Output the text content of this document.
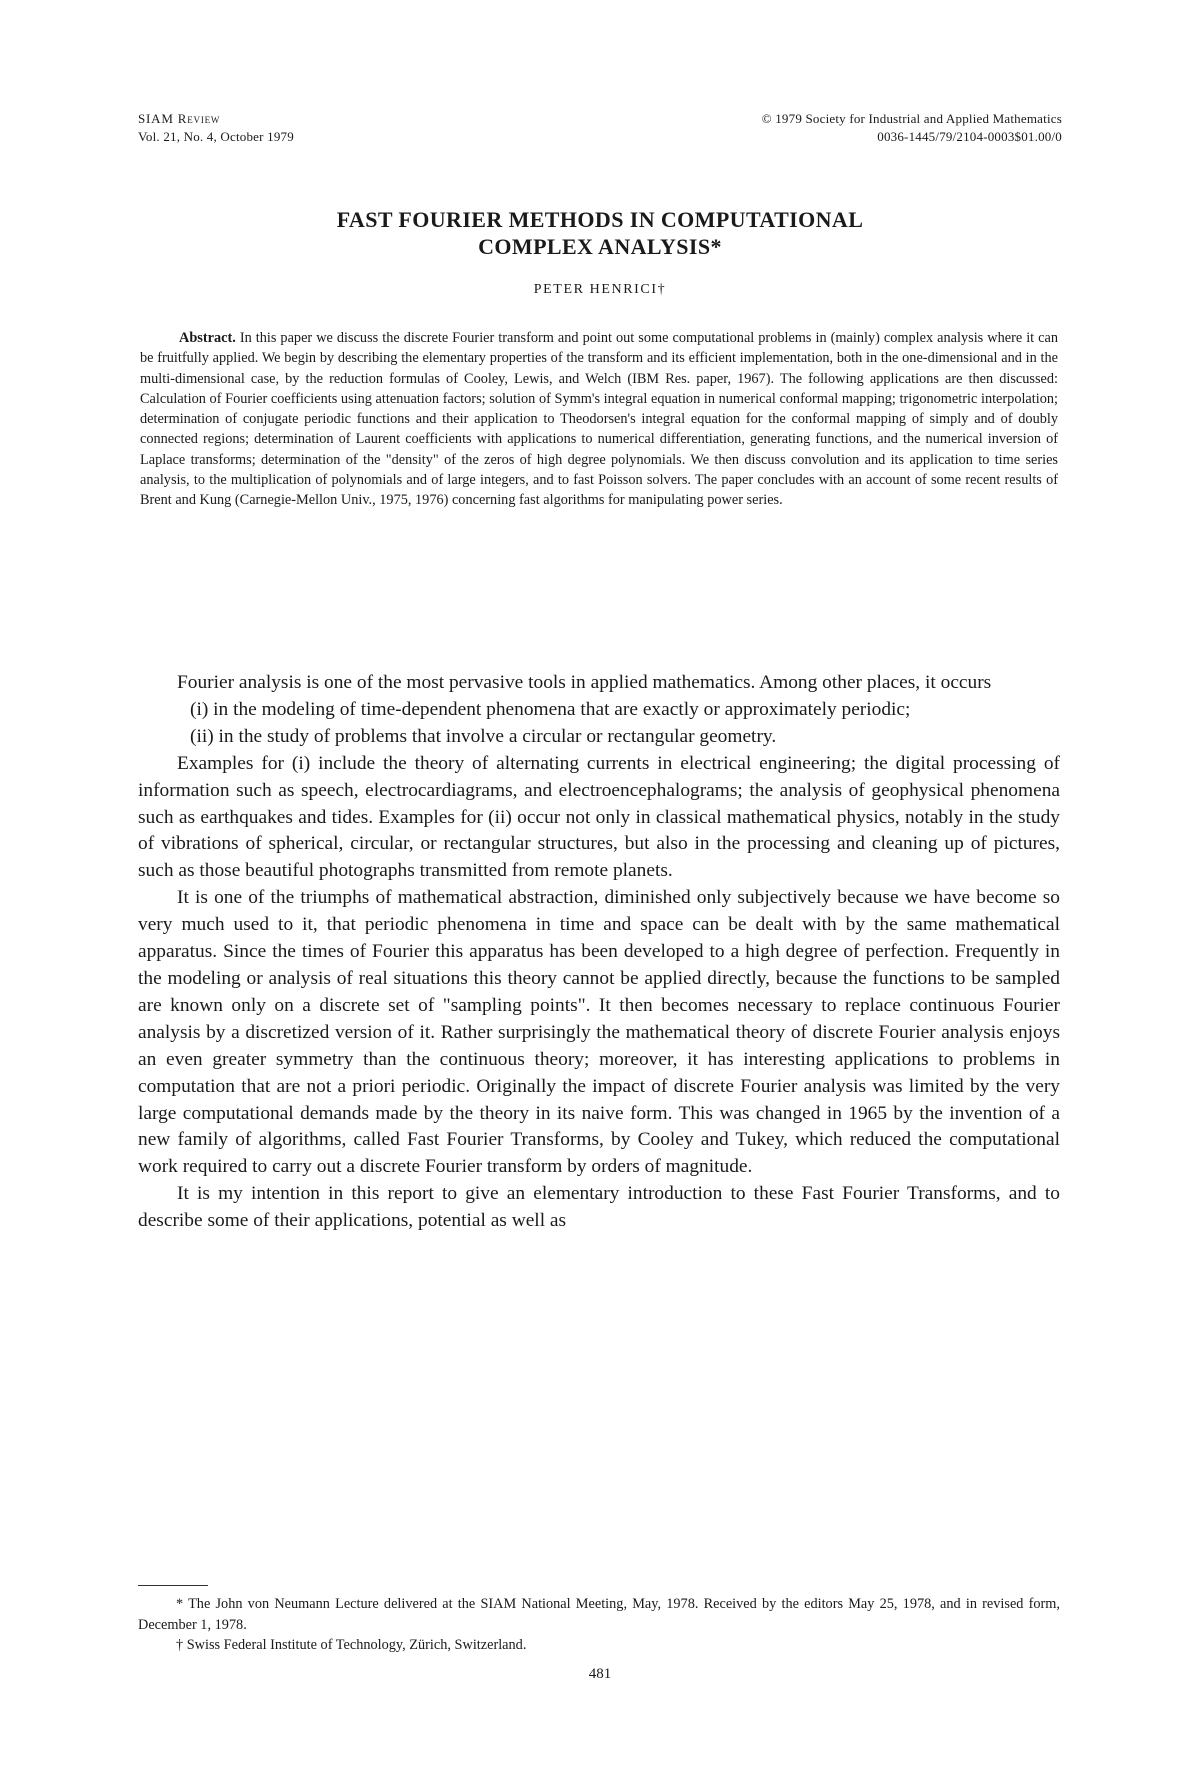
SIAM Review
Vol. 21, No. 4, October 1979
© 1979 Society for Industrial and Applied Mathematics
0036-1445/79/2104-0003$01.00/0
FAST FOURIER METHODS IN COMPUTATIONAL
COMPLEX ANALYSIS*
PETER HENRICI†
Abstract. In this paper we discuss the discrete Fourier transform and point out some computational problems in (mainly) complex analysis where it can be fruitfully applied. We begin by describing the elementary properties of the transform and its efficient implementation, both in the one-dimensional and in the multi-dimensional case, by the reduction formulas of Cooley, Lewis, and Welch (IBM Res. paper, 1967). The following applications are then discussed: Calculation of Fourier coefficients using attenuation factors; solution of Symm's integral equation in numerical conformal mapping; trigonometric interpolation; determination of conjugate periodic functions and their application to Theodorsen's integral equation for the conformal mapping of simply and of doubly connected regions; determination of Laurent coefficients with applications to numerical differentiation, generating functions, and the numerical inversion of Laplace transforms; determination of the "density" of the zeros of high degree polynomials. We then discuss convolution and its application to time series analysis, to the multiplication of polynomials and of large integers, and to fast Poisson solvers. The paper concludes with an account of some recent results of Brent and Kung (Carnegie-Mellon Univ., 1975, 1976) concerning fast algorithms for manipulating power series.

Fourier analysis is one of the most pervasive tools in applied mathematics. Among other places, it occurs

(i) in the modeling of time-dependent phenomena that are exactly or approximately periodic;

(ii) in the study of problems that involve a circular or rectangular geometry.

Examples for (i) include the theory of alternating currents in electrical engineering; the digital processing of information such as speech, electrocardiagrams, and electroencephalograms; the analysis of geophysical phenomena such as earthquakes and tides. Examples for (ii) occur not only in classical mathematical physics, notably in the study of vibrations of spherical, circular, or rectangular structures, but also in the processing and cleaning up of pictures, such as those beautiful photographs transmitted from remote planets.

It is one of the triumphs of mathematical abstraction, diminished only subjectively because we have become so very much used to it, that periodic phenomena in time and space can be dealt with by the same mathematical apparatus. Since the times of Fourier this apparatus has been developed to a high degree of perfection. Frequently in the modeling or analysis of real situations this theory cannot be applied directly, because the functions to be sampled are known only on a discrete set of "sampling points". It then becomes necessary to replace continuous Fourier analysis by a discretized version of it. Rather surprisingly the mathematical theory of discrete Fourier analysis enjoys an even greater symmetry than the continuous theory; moreover, it has interesting applications to problems in computation that are not a priori periodic. Originally the impact of discrete Fourier analysis was limited by the very large computational demands made by the theory in its naive form. This was changed in 1965 by the invention of a new family of algorithms, called Fast Fourier Transforms, by Cooley and Tukey, which reduced the computational work required to carry out a discrete Fourier transform by orders of magnitude.

It is my intention in this report to give an elementary introduction to these Fast Fourier Transforms, and to describe some of their applications, potential as well as

* The John von Neumann Lecture delivered at the SIAM National Meeting, May, 1978. Received by the editors May 25, 1978, and in revised form, December 1, 1978.

† Swiss Federal Institute of Technology, Zürich, Switzerland.

481
